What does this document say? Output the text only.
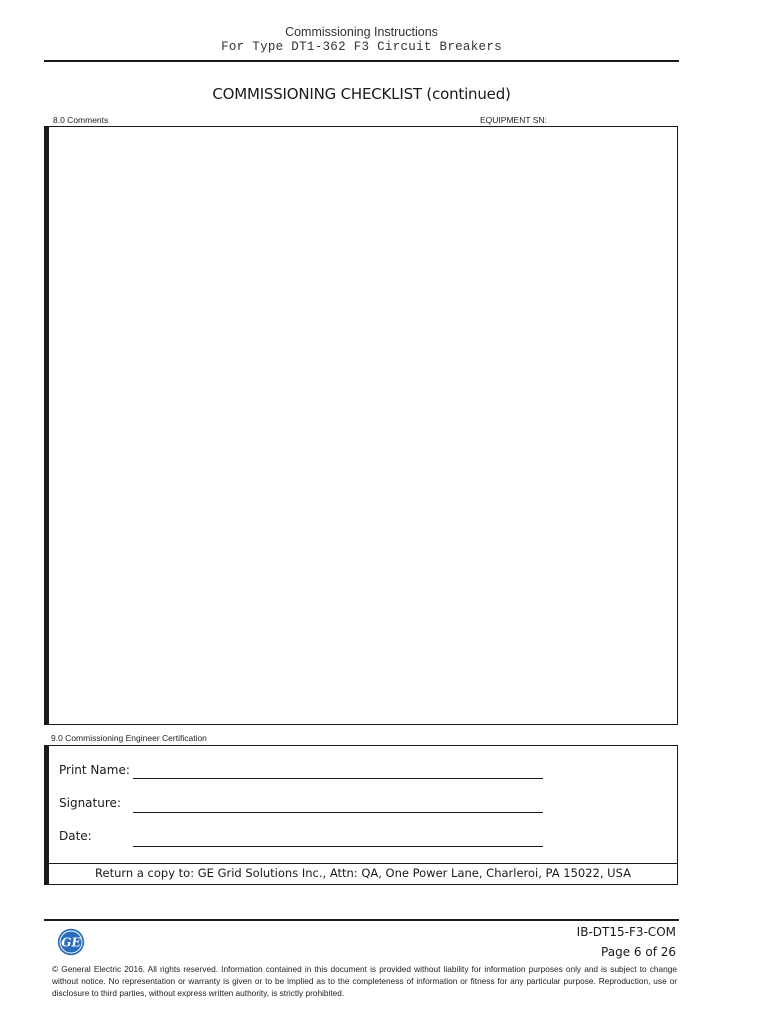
Commissioning Instructions
For Type DT1-362 F3 Circuit Breakers
COMMISSIONING CHECKLIST (continued)
8.0 Comments	EQUIPMENT SN:
9.0 Commissioning Engineer Certification
Print Name:
Signature:
Date:
Return a copy to: GE Grid Solutions Inc., Attn: QA, One Power Lane, Charleroi, PA 15022, USA
GE
IB-DT15-F3-COM
Page 6 of 26
© General Electric 2016. All rights reserved. Information contained in this document is provided without liability for information purposes only and is subject to change without notice. No representation or warranty is given or to be implied as to the completeness of information or fitness for any particular purpose. Reproduction, use or disclosure to third parties, without express written authority, is strictly prohibited.
